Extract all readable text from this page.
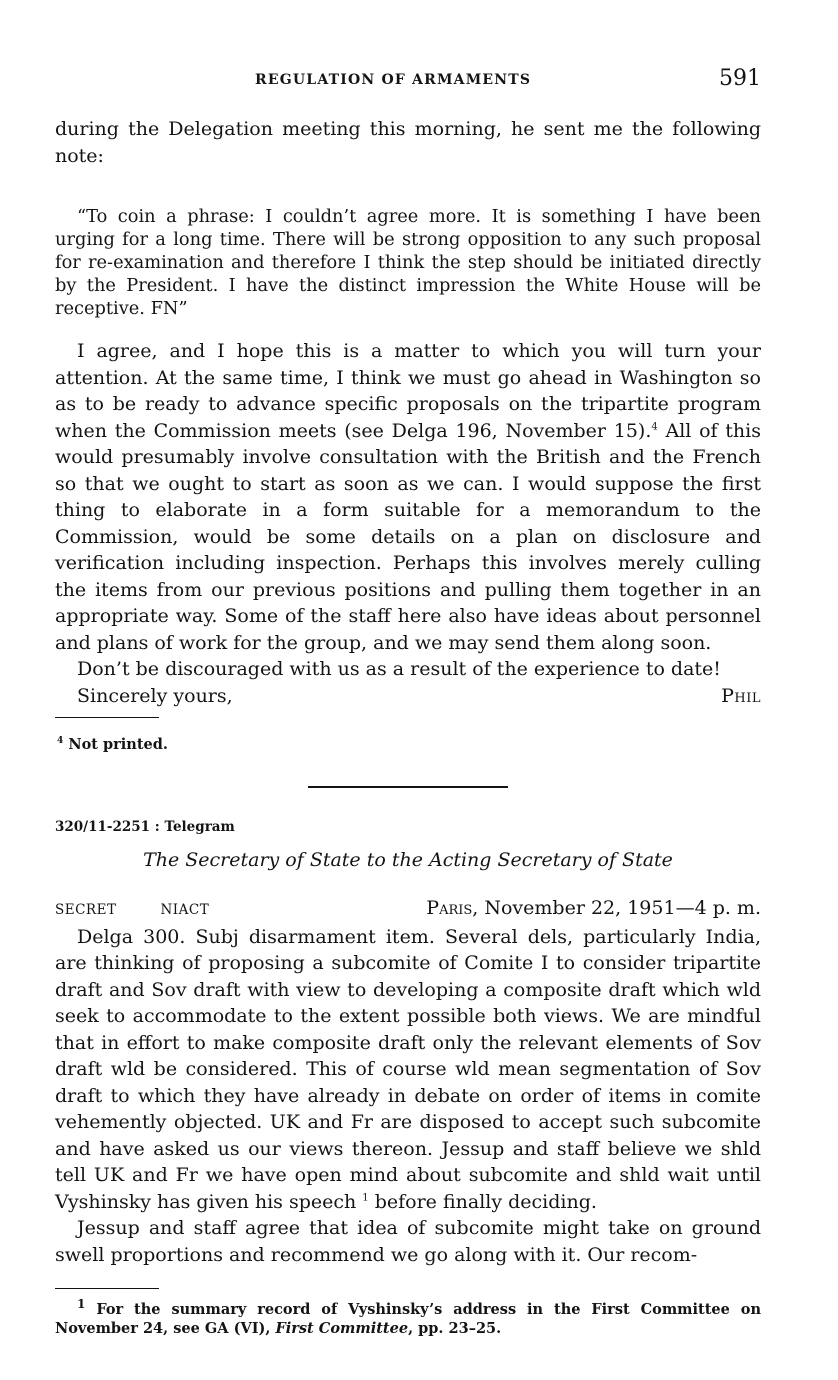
REGULATION OF ARMAMENTS	591

during the Delegation meeting this morning, he sent me the following note:

“To coin a phrase: I couldn’t agree more. It is something I have been urging for a long time. There will be strong opposition to any such proposal for re-examination and therefore I think the step should be initiated directly by the President. I have the distinct impression the White House will be receptive. FN”

I agree, and I hope this is a matter to which you will turn your attention. At the same time, I think we must go ahead in Washington so as to be ready to advance specific proposals on the tripartite program when the Commission meets (see Delga 196, November 15).$^4$ All of this would presumably involve consultation with the British and the French so that we ought to start as soon as we can. I would suppose the first thing to elaborate in a form suitable for a memorandum to the Commission, would be some details on a plan on disclosure and verification including inspection. Perhaps this involves merely culling the items from our previous positions and pulling them together in an appropriate way. Some of the staff here also have ideas about personnel and plans of work for the group, and we may send them along soon.

Don’t be discouraged with us as a result of the experience to date!

Sincerely yours,	Phil

$^4$ Not printed.

320/11-2251 : Telegram

The Secretary of State to the Acting Secretary of State

SECRET	NIACT	Paris, November 22, 1951—4 p. m.

Delga 300. Subj disarmament item. Several dels, particularly India, are thinking of proposing a subcomite of Comite I to consider tripartite draft and Sov draft with view to developing a composite draft which wld seek to accommodate to the extent possible both views. We are mindful that in effort to make composite draft only the relevant elements of Sov draft wld be considered. This of course wld mean segmentation of Sov draft to which they have already in debate on order of items in comite vehemently objected. UK and Fr are disposed to accept such subcomite and have asked us our views thereon. Jessup and staff believe we shld tell UK and Fr we have open mind about subcomite and shld wait until Vyshinsky has given his speech $^1$ before finally deciding.

Jessup and staff agree that idea of subcomite might take on ground swell proportions and recommend we go along with it. Our recom-

$^1$ For the summary record of Vyshinsky’s address in the First Committee on November 24, see GA (VI), First Committee, pp. 23–25.
